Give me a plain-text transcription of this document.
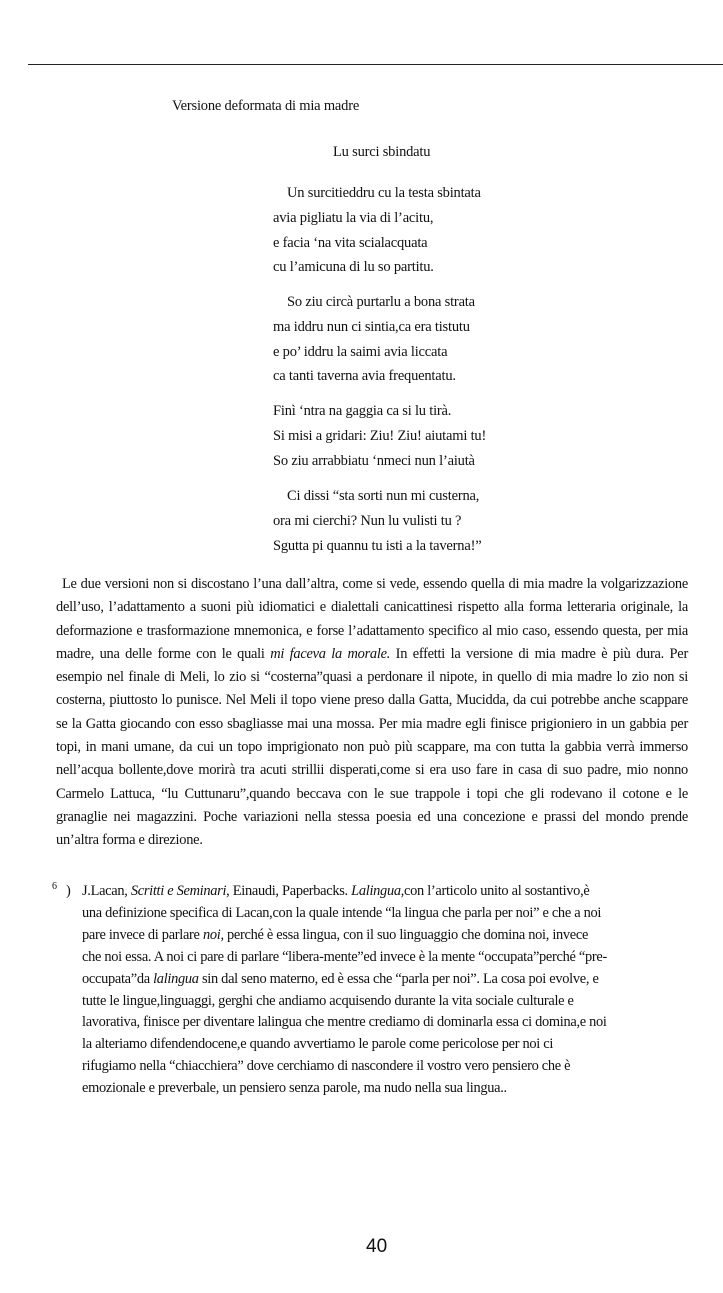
Versione deformata di mia madre
Lu surci sbindatu
Un surcitieddru cu la testa sbintata
avia pigliatu la via di l’acitu,
e facia ‘na vita scialacquata
cu l’amicuna di lu so partitu.
So ziu circà purtarlu a bona strata
ma iddru nun ci sintia,ca era tistutu
e po’ iddru la saimi avia liccata
ca tanti taverna avia frequentatu.
Finì ‘ntra na gaggia ca si lu tirà.
Si misi a gridari: Ziu! Ziu! aiutami tu!
So ziu arrabbiatu ‘nmeci nun l’aiutà
Ci dissi “sta sorti nun mi custerna,
ora mi cierchi? Nun lu vulisti tu ?
Sgutta pi quannu tu isti a la taverna!”
Le due versioni non si discostano l’una dall’altra, come si vede, essendo quella di mia madre la volgarizzazione dell’uso, l’adattamento a suoni più idiomatici e dialettali canicattinesi rispetto alla forma letteraria originale, la deformazione e trasformazione mnemonica, e forse l’adattamento specifico al mio caso, essendo questa, per mia madre, una delle forme con le quali mi faceva la morale. In effetti la versione di mia madre è più dura. Per esempio nel finale di Meli, lo zio si “costerna”quasi a perdonare il nipote, in quello di mia madre lo zio non si costerna, piuttosto lo punisce. Nel Meli il topo viene preso dalla Gatta, Mucidda, da cui potrebbe anche scappare se la Gatta giocando con esso sbagliasse mai una mossa. Per mia madre egli finisce prigioniero in un gabbia per topi, in mani umane, da cui un topo imprigionato non può più scappare, ma con tutta la gabbia verrà immerso nell’acqua bollente,dove morirà tra acuti strillii disperati,come si era uso fare in casa di suo padre, mio nonno Carmelo Lattuca, “lu Cuttunaru”,quando beccava con le sue trappole i topi che gli rodevano il cotone e le granaglie nei magazzini. Poche variazioni nella stessa poesia ed una concezione e prassi del mondo prende un’altra forma e direzione.
6 ) J.Lacan, Scritti e Seminari, Einaudi, Paperbacks. Lalingua,con l’articolo unito al sostantivo,è
una definizione specifica di Lacan,con la quale intende “la lingua che parla per noi” e che a noi
pare invece di parlare noi, perché è essa lingua, con il suo linguaggio che domina noi, invece
che noi essa. A noi ci pare di parlare “libera-mente”ed invece è la mente “occupata”perché “pre-
occupata”da lalingua sin dal seno materno, ed è essa che “parla per noi”. La cosa poi evolve, e
tutte le lingue,linguaggi, gerghi che andiamo acquisendo durante la vita sociale culturale e
lavorativa, finisce per diventare lalingua che mentre crediamo di dominarla essa ci domina,e noi
la alteriamo difendendocene,e quando avvertiamo le parole come pericolose per noi ci
rifugiamo nella “chiacchiera” dove cerchiamo di nascondere il vostro vero pensiero che è
emozionale e preverbale, un pensiero senza parole, ma nudo nella sua lingua..
40
